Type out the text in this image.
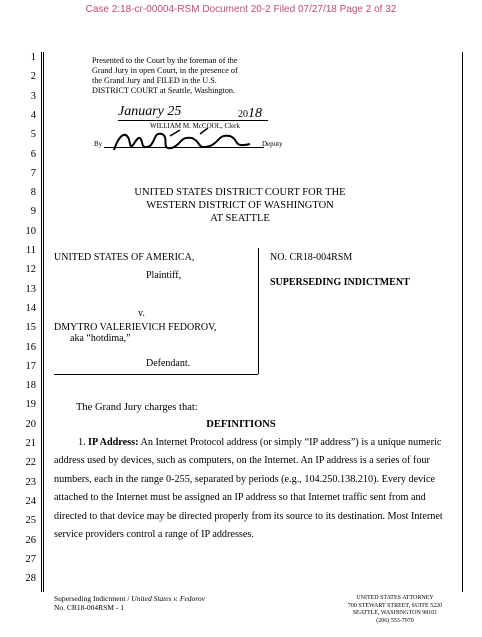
Case 2:18-cr-00004-RSM Document 20-2 Filed 07/27/18 Page 2 of 32
1
2
3
4
5
6
7
8
9
10
11
12
13
14
15
16
17
18
19
20
21
22
23
24
25
26
27
28
Presented to the Court by the foreman of the
Grand Jury in open Court, in the presence of
the Grand Jury and FILED in the U.S.
DISTRICT COURT at Seattle, Washington.
January 25	2018
WILLIAM M. McCOOL, Clerk
By	Deputy
UNITED STATES DISTRICT COURT FOR THE
WESTERN DISTRICT OF WASHINGTON
AT SEATTLE
UNITED STATES OF AMERICA,
Plaintiff,
v.
DMYTRO VALERIEVICH FEDOROV,
aka “hotdima,”
Defendant.
NO. CR18-004RSM
SUPERSEDING INDICTMENT
The Grand Jury charges that:
DEFINITIONS
1. IP Address: An Internet Protocol address (or simply “IP address”) is a unique numeric address used by devices, such as computers, on the Internet. An IP address is a series of four numbers, each in the range 0-255, separated by periods (e.g., 104.250.138.210). Every device attached to the Internet must be assigned an IP address so that Internet traffic sent from and directed to that device may be directed properly from its source to its destination. Most Internet service providers control a range of IP addresses.
Superseding Indictment / United States v. Fedorov
No. CR18-004RSM - 1
UNITED STATES ATTORNEY
700 STEWART STREET, SUITE 5220
SEATTLE, WASHINGTON 98101
(206) 553-7970
